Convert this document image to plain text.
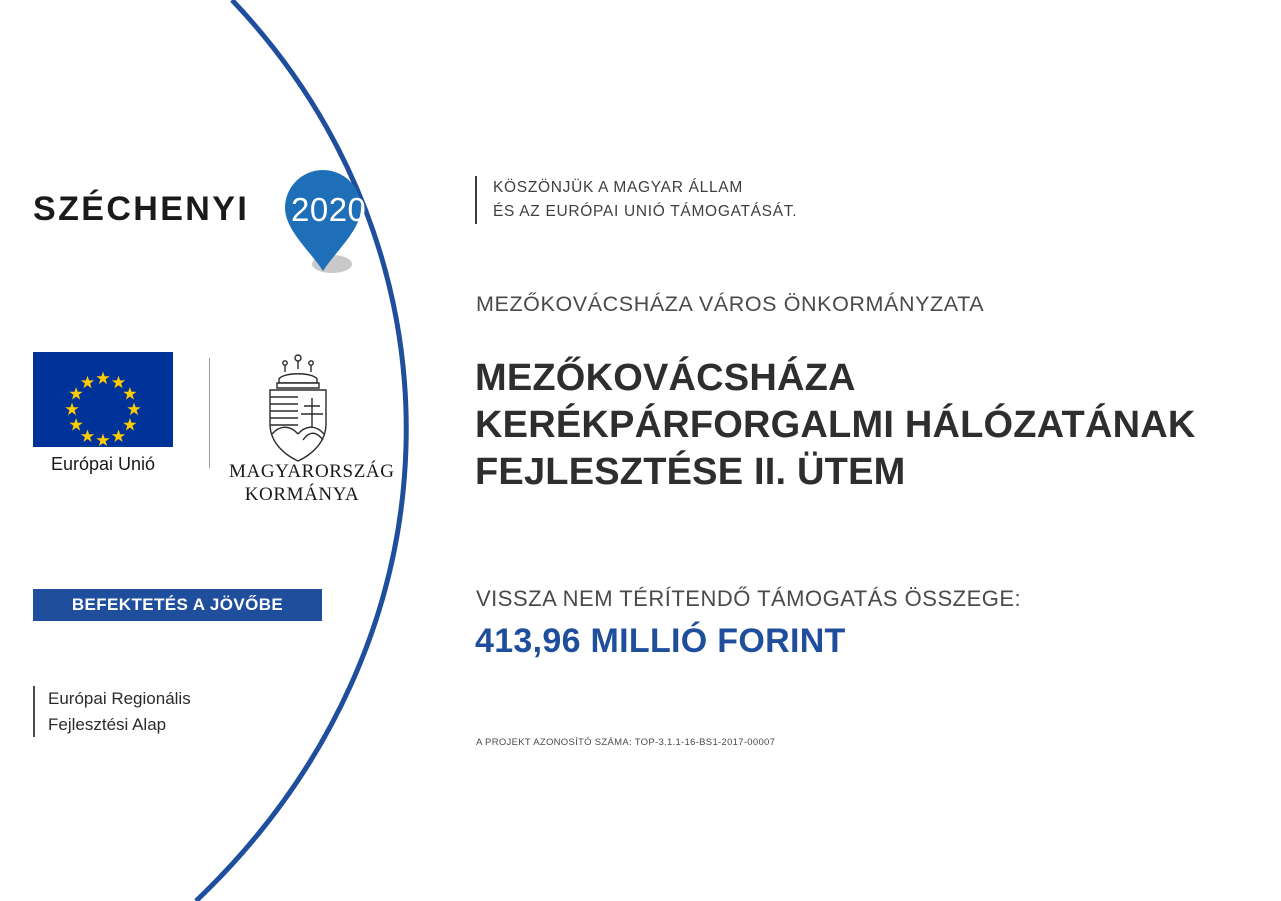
SZÉCHENYI 2020
Európai Unió	MAGYARORSZÁG
KORMÁNYA
BEFEKTETÉS A JÖVŐBE
Európai Regionális
Fejlesztési Alap
KÖSZÖNJÜK A MAGYAR ÁLLAM
ÉS AZ EURÓPAI UNIÓ TÁMOGATÁSÁT.
MEZŐKOVÁCSHÁZA VÁROS ÖNKORMÁNYZATA
MEZŐKOVÁCSHÁZA KERÉKPÁRFORGALMI HÁLÓZATÁNAK FEJLESZTÉSE II. ÜTEM
VISSZA NEM TÉRÍTENDŐ TÁMOGATÁS ÖSSZEGE:
413,96 MILLIÓ FORINT
A PROJEKT AZONOSÍTÓ SZÁMA: TOP-3.1.1-16-BS1-2017-00007
